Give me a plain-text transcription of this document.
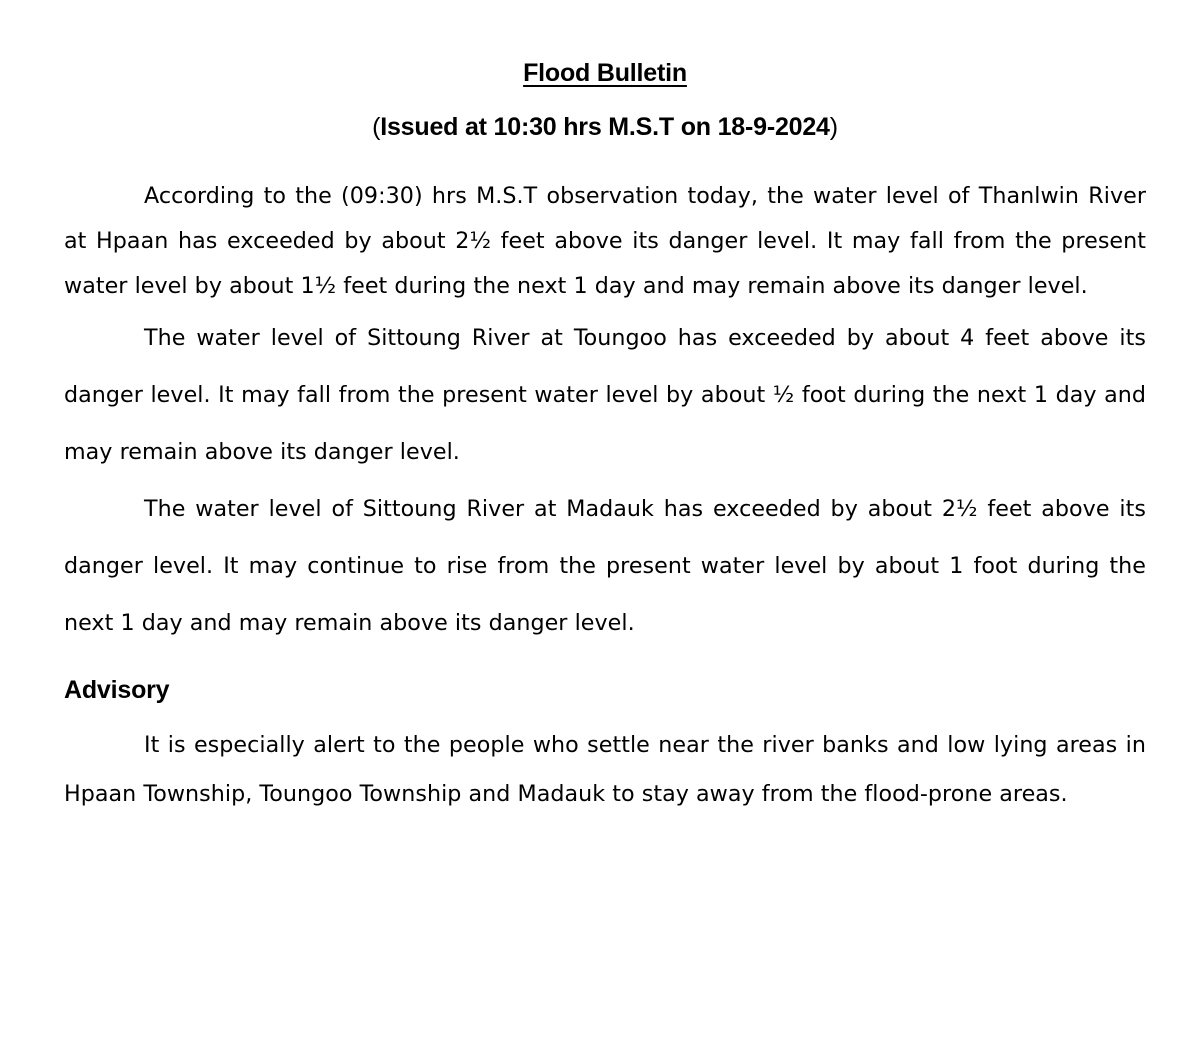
Flood Bulletin

(Issued at 10:30 hrs M.S.T on 18-9-2024)

According to the (09:30) hrs M.S.T observation today, the water level of Thanlwin River at Hpaan has exceeded by about 2½ feet above its danger level. It may fall from the present water level by about 1½ feet during the next 1 day and may remain above its danger level.

The water level of Sittoung River at Toungoo has exceeded by about 4 feet above its danger level. It may fall from the present water level by about ½ foot during the next 1 day and may remain above its danger level.

The water level of Sittoung River at Madauk has exceeded by about 2½ feet above its danger level. It may continue to rise from the present water level by about 1 foot during the next 1 day and may remain above its danger level.

Advisory

It is especially alert to the people who settle near the river banks and low lying areas in Hpaan Township, Toungoo Township and Madauk to stay away from the flood-prone areas.
